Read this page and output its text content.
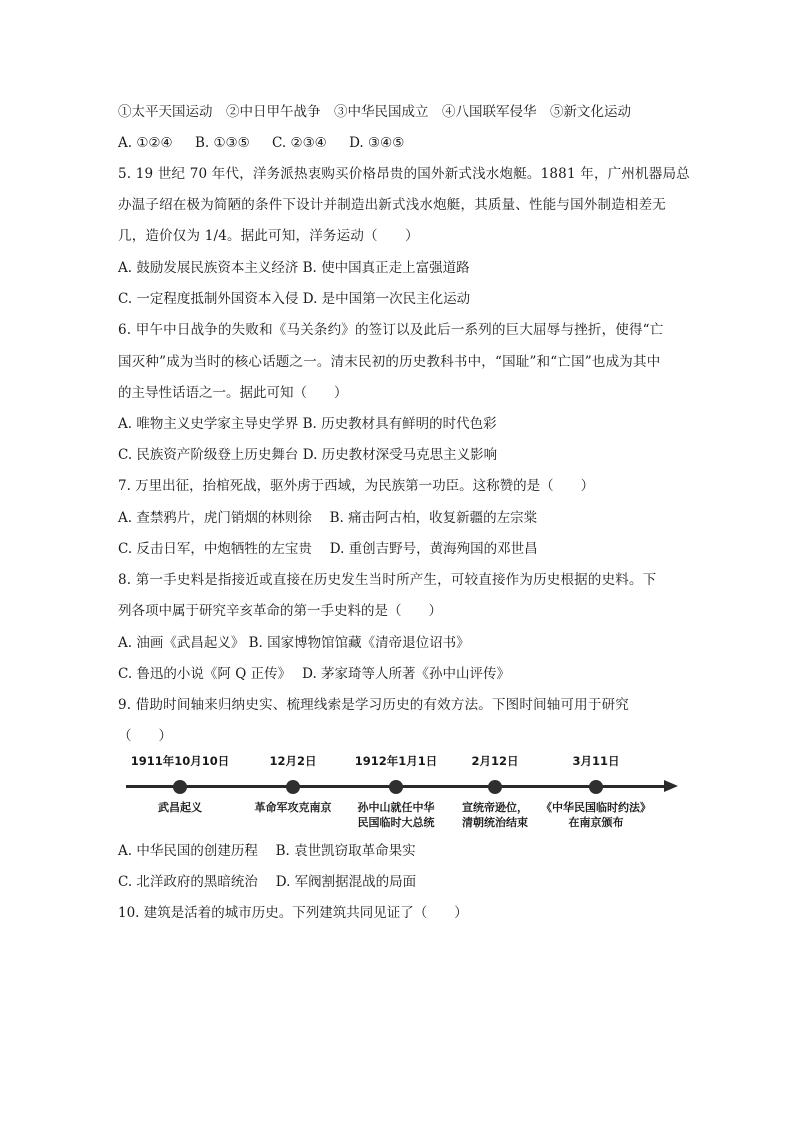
①太平天国运动　②中日甲午战争　③中华民国成立　④八国联军侵华　⑤新文化运动
A. ①②④ B. ①③⑤ C. ②③④ D. ③④⑤
5. 19 世纪 70 年代，洋务派热衷购买价格昂贵的国外新式浅水炮艇。1881 年，广州机器局总
办温子绍在极为简陋的条件下设计并制造出新式浅水炮艇，其质量、性能与国外制造相差无
几，造价仅为 1/4。据此可知，洋务运动（　　）
A. 鼓励发展民族资本主义经济 B. 使中国真正走上富强道路
C. 一定程度抵制外国资本入侵 D. 是中国第一次民主化运动
6. 甲午中日战争的失败和《马关条约》的签订以及此后一系列的巨大屈辱与挫折，使得“亡
国灭种”成为当时的核心话题之一。清末民初的历史教科书中，“国耻”和“亡国”也成为其中
的主导性话语之一。据此可知（　　）
A. 唯物主义史学家主导史学界 B. 历史教材具有鲜明的时代色彩
C. 民族资产阶级登上历史舞台 D. 历史教材深受马克思主义影响
7. 万里出征，抬棺死战，驱外虏于西域，为民族第一功臣。这称赞的是（　　）
A. 查禁鸦片，虎门销烟的林则徐　 B. 痛击阿古柏，收复新疆的左宗棠
C. 反击日军，中炮牺牲的左宝贵　 D. 重创吉野号，黄海殉国的邓世昌
8. 第一手史料是指接近或直接在历史发生当时所产生，可较直接作为历史根据的史料。下
列各项中属于研究辛亥革命的第一手史料的是（　　）
A. 油画《武昌起义》 B. 国家博物馆馆藏《清帝退位诏书》
C. 鲁迅的小说《阿 Q 正传》　 D. 茅家琦等人所著《孙中山评传》
9. 借助时间轴来归纳史实、梳理线索是学习历史的有效方法。下图时间轴可用于研究
（　　）
1911年10月10日
武昌起义
12月2日
革命军攻克南京
1912年1月1日
孙中山就任中华
民国临时大总统
2月12日
宣统帝逊位，
清朝统治结束
3月11日
《中华民国临时约法》
在南京颁布
A. 中华民国的创建历程　 B. 袁世凯窃取革命果实
C. 北洋政府的黑暗统治　 D. 军阀割据混战的局面
10. 建筑是活着的城市历史。下列建筑共同见证了（　　）
